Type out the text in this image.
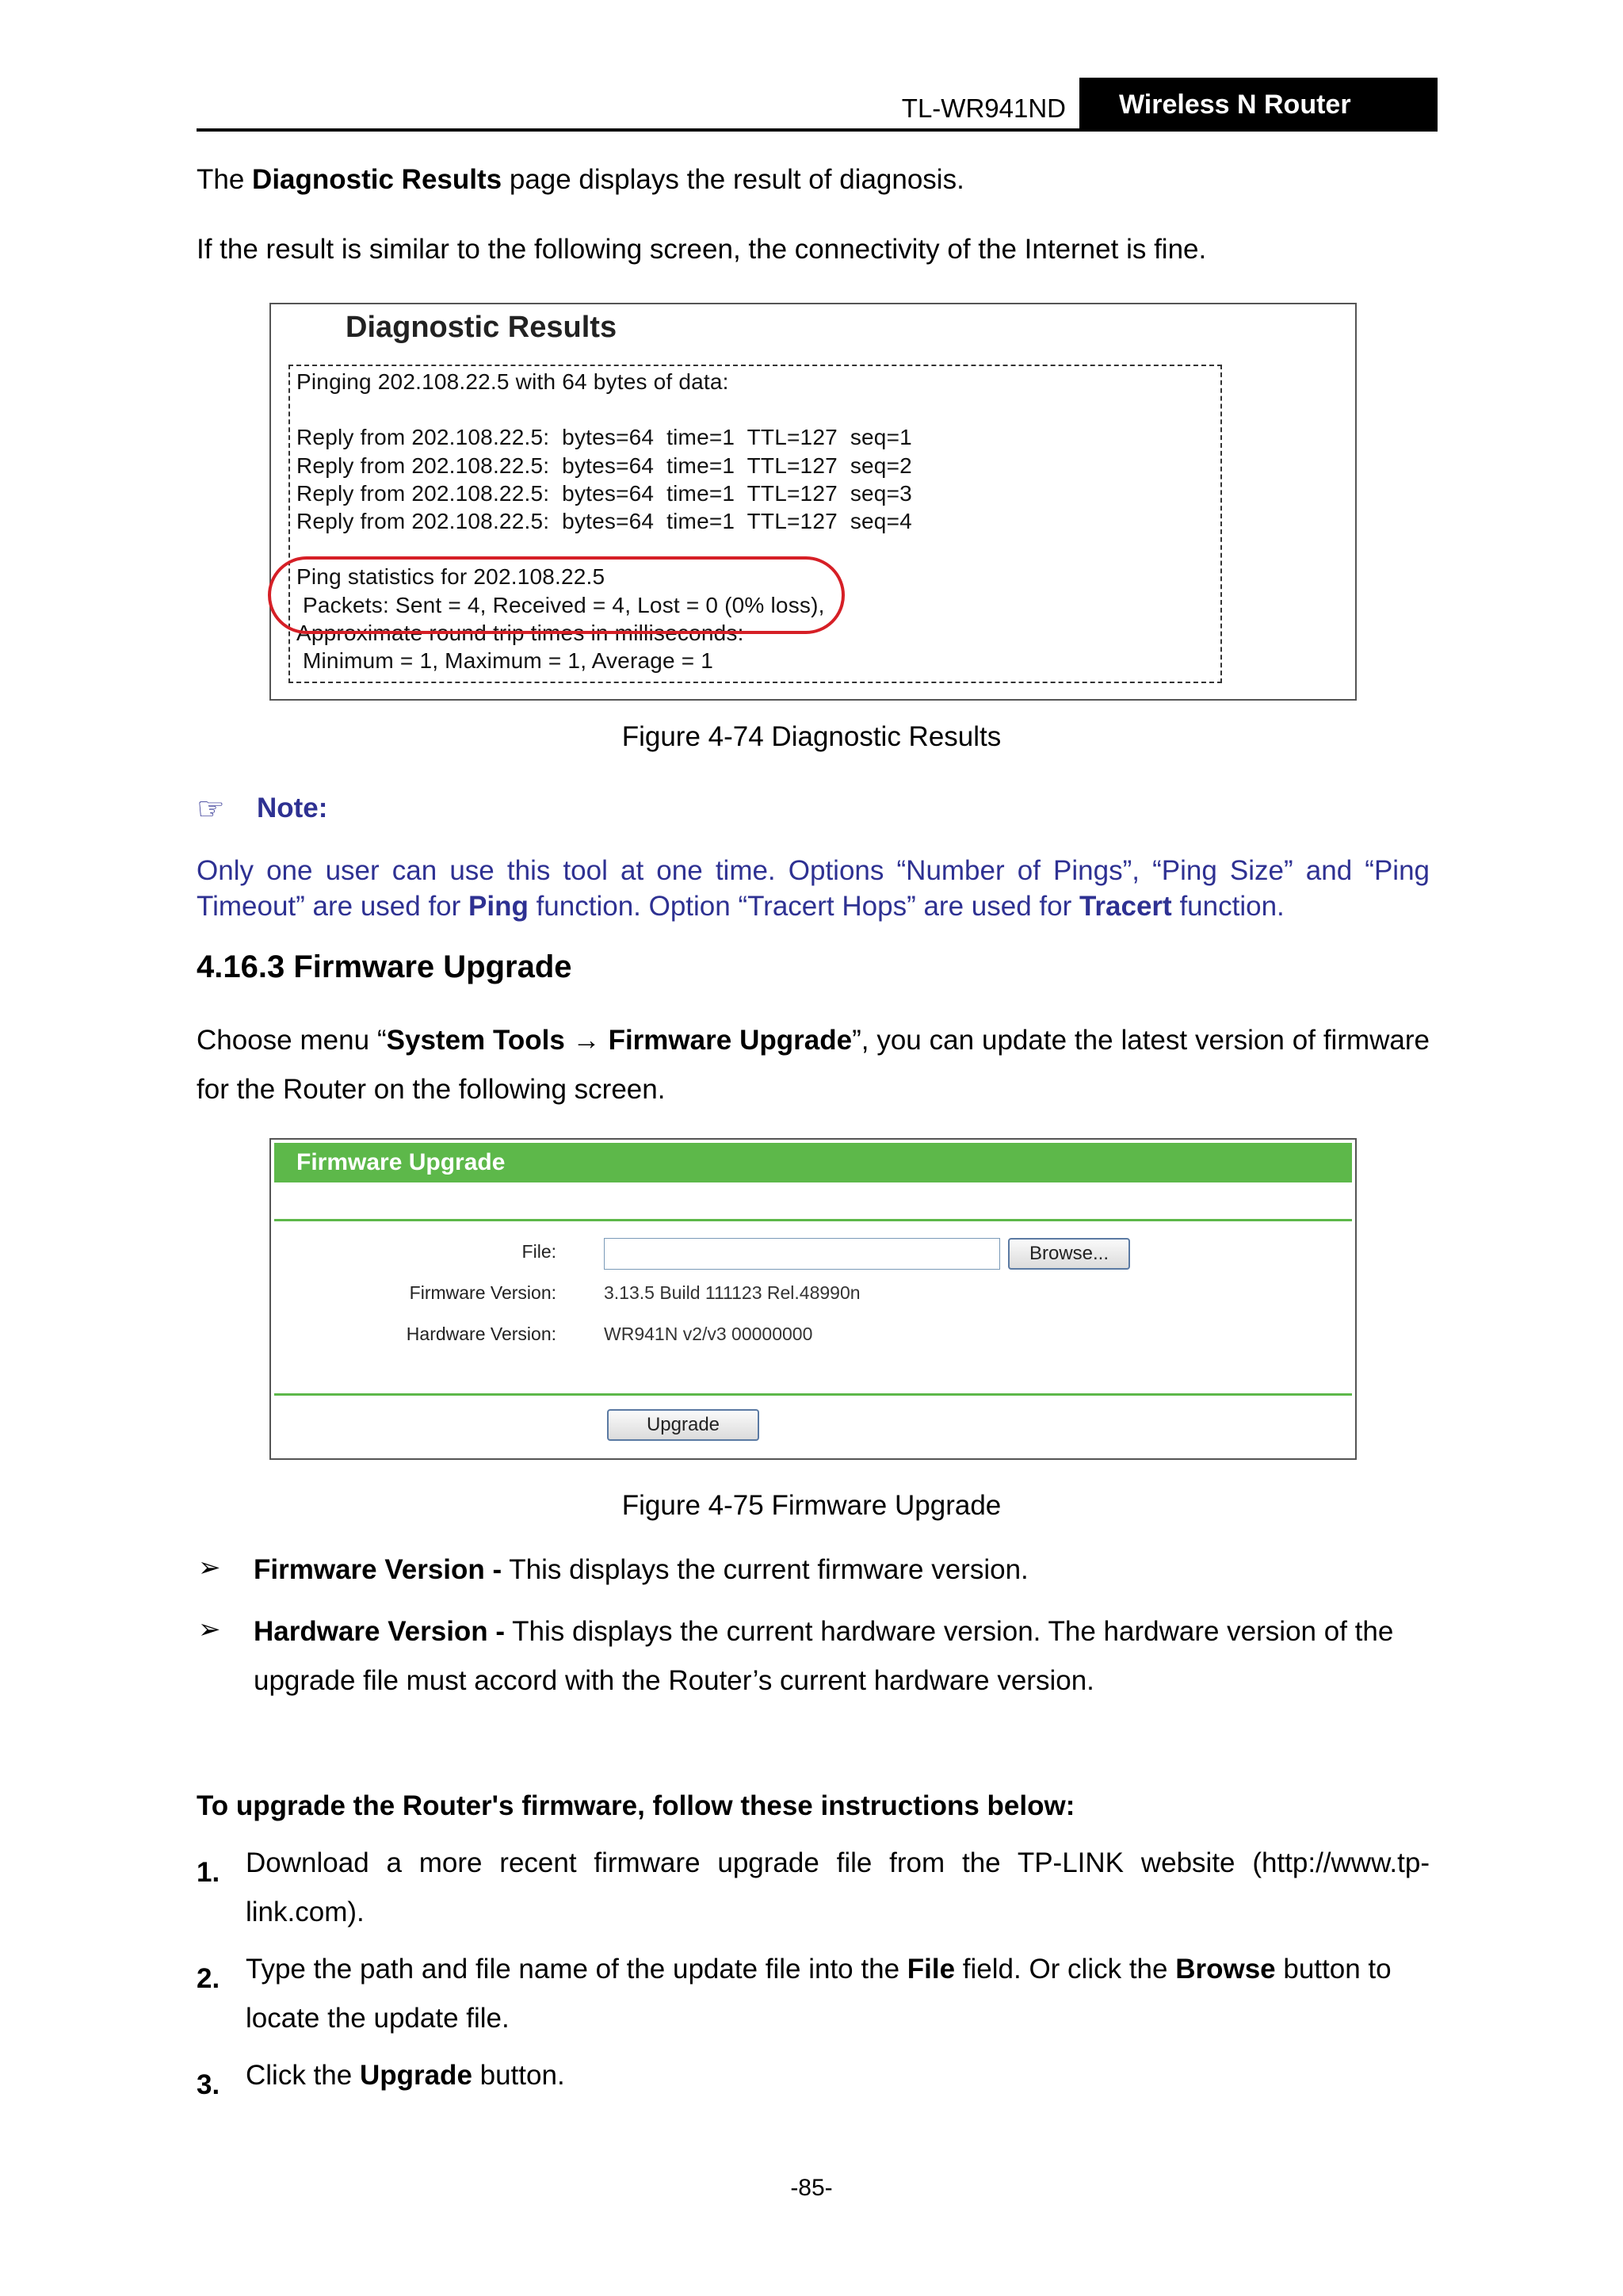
TL-WR941ND	Wireless N Router
The Diagnostic Results page displays the result of diagnosis.
If the result is similar to the following screen, the connectivity of the Internet is fine.
Diagnostic Results
Pinging 202.108.22.5 with 64 bytes of data:
Reply from 202.108.22.5:  bytes=64  time=1  TTL=127  seq=1
Reply from 202.108.22.5:  bytes=64  time=1  TTL=127  seq=2
Reply from 202.108.22.5:  bytes=64  time=1  TTL=127  seq=3
Reply from 202.108.22.5:  bytes=64  time=1  TTL=127  seq=4
Ping statistics for 202.108.22.5
Packets: Sent = 4, Received = 4, Lost = 0 (0% loss),
Approximate round trip times in milliseconds:
Minimum = 1, Maximum = 1, Average = 1
Figure 4-74 Diagnostic Results
☞ Note:
Only one user can use this tool at one time. Options “Number of Pings”, “Ping Size” and “Ping Timeout” are used for Ping function. Option “Tracert Hops” are used for Tracert function.
4.16.3 Firmware Upgrade
Choose menu “System Tools → Firmware Upgrade”, you can update the latest version of firmware for the Router on the following screen.
Firmware Upgrade
File:	Browse...
Firmware Version:	3.13.5 Build 111123 Rel.48990n
Hardware Version:	WR941N v2/v3 00000000
Upgrade
Figure 4-75 Firmware Upgrade
➢ Firmware Version - This displays the current firmware version.
➢ Hardware Version - This displays the current hardware version. The hardware version of the upgrade file must accord with the Router’s current hardware version.
To upgrade the Router's firmware, follow these instructions below:
1. Download a more recent firmware upgrade file from the TP-LINK website (http://www.tp-link.com).
2. Type the path and file name of the update file into the File field. Or click the Browse button to locate the update file.
3. Click the Upgrade button.
-85-
